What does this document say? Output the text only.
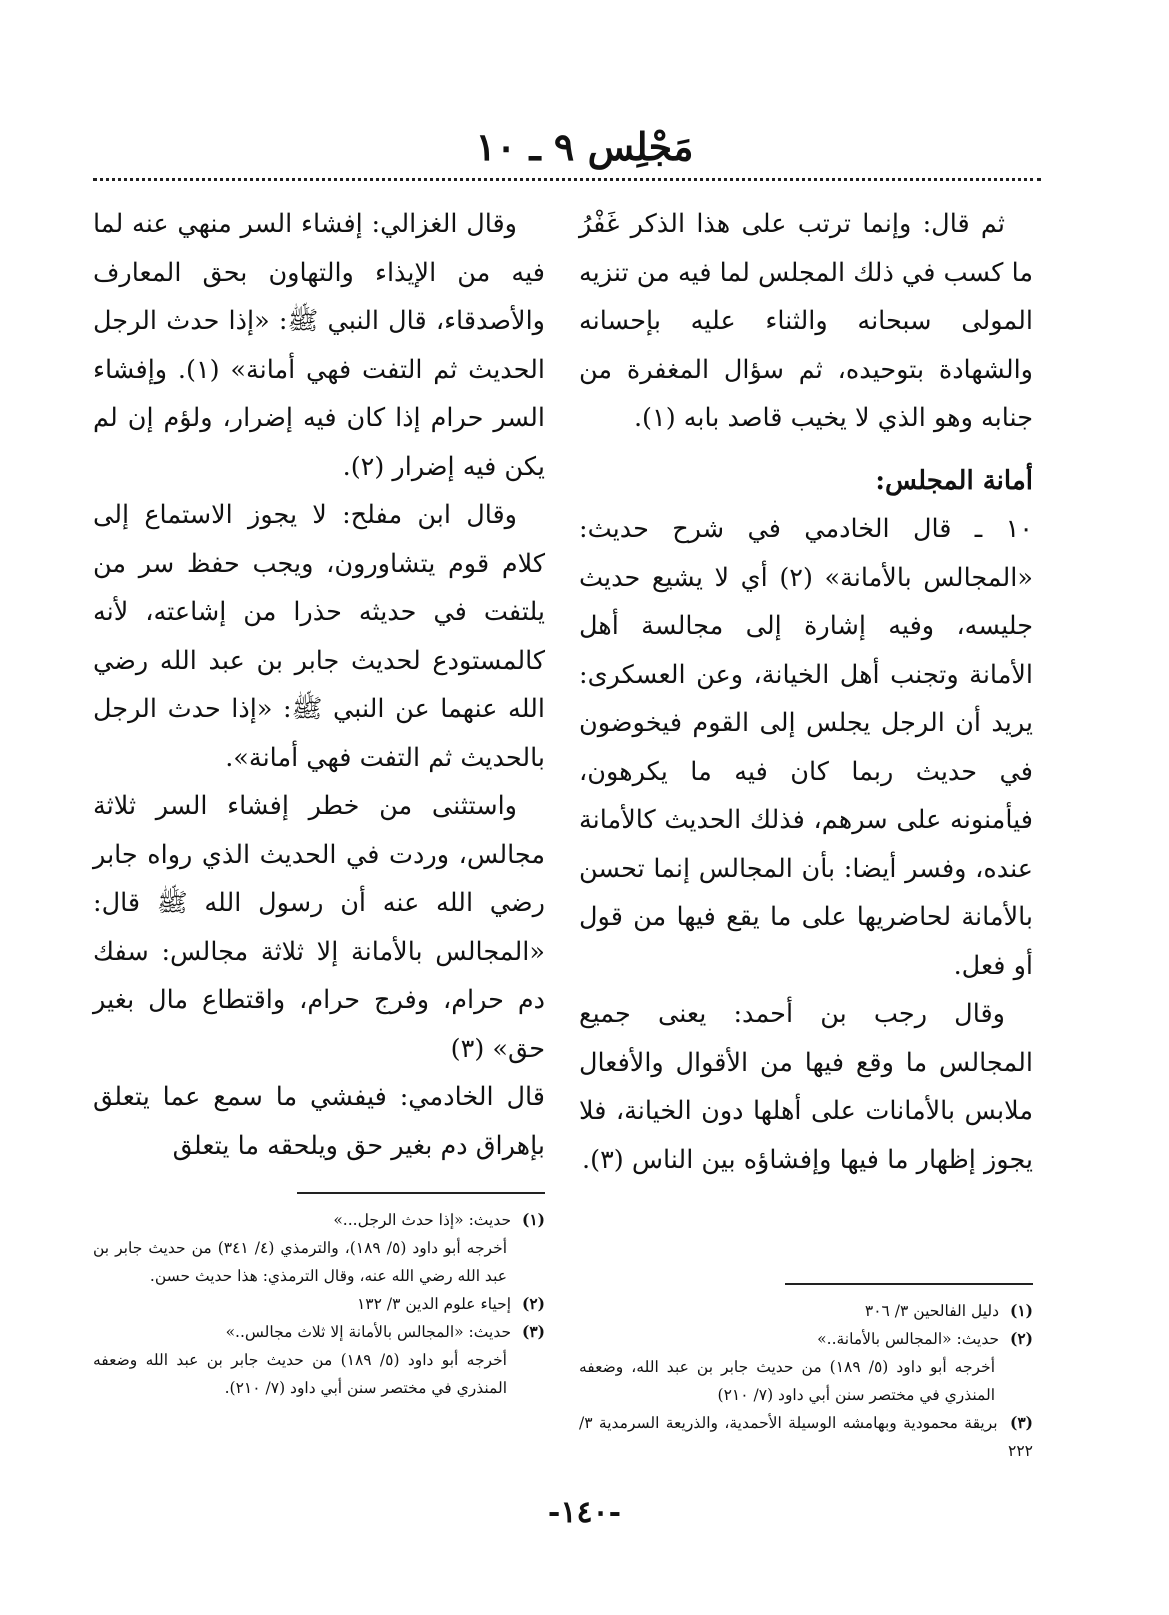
مَجْلِس ٩ ـ ١٠

ثم قال: وإنما ترتب على هذا الذكر غَفْرُ ما كسب في ذلك المجلس لما فيه من تنزيه المولى سبحانه والثناء عليه بإحسانه والشهادة بتوحيده، ثم سؤال المغفرة من جنابه وهو الذي لا يخيب قاصد بابه (١).

أمانة المجلس:

١٠ ـ قال الخادمي في شرح حديث: «المجالس بالأمانة» (٢) أي لا يشيع حديث جليسه، وفيه إشارة إلى مجالسة أهل الأمانة وتجنب أهل الخيانة، وعن العسكرى: يريد أن الرجل يجلس إلى القوم فيخوضون في حديث ربما كان فيه ما يكرهون، فيأمنونه على سرهم، فذلك الحديث كالأمانة عنده، وفسر أيضا: بأن المجالس إنما تحسن بالأمانة لحاضريها على ما يقع فيها من قول أو فعل.

وقال رجب بن أحمد: يعنى جميع المجالس ما وقع فيها من الأقوال والأفعال ملابس بالأمانات على أهلها دون الخيانة، فلا يجوز إظهار ما فيها وإفشاؤه بين الناس (٣).

وقال الغزالي: إفشاء السر منهي عنه لما فيه من الإيذاء والتهاون بحق المعارف والأصدقاء، قال النبي ﷺ: «إذا حدث الرجل الحديث ثم التفت فهي أمانة» (١). وإفشاء السر حرام إذا كان فيه إضرار، ولؤم إن لم يكن فيه إضرار (٢).

وقال ابن مفلح: لا يجوز الاستماع إلى كلام قوم يتشاورون، ويجب حفظ سر من يلتفت في حديثه حذرا من إشاعته، لأنه كالمستودع لحديث جابر بن عبد الله رضي الله عنهما عن النبي ﷺ: «إذا حدث الرجل بالحديث ثم التفت فهي أمانة».

واستثنى من خطر إفشاء السر ثلاثة مجالس، وردت في الحديث الذي رواه جابر رضي الله عنه أن رسول الله ﷺ قال: «المجالس بالأمانة إلا ثلاثة مجالس: سفك دم حرام، وفرج حرام، واقتطاع مال بغير حق» (٣)

قال الخادمي: فيفشي ما سمع عما يتعلق بإهراق دم بغير حق ويلحقه ما يتعلق

(١) دليل الفالحين ٣/ ٣٠٦

(٢) حديث: «المجالس بالأمانة..»

أخرجه أبو داود (٥/ ١٨٩) من حديث جابر بن عبد الله، وضعفه المنذري في مختصر سنن أبي داود (٧/ ٢١٠)

(٣) بريقة محمودية وبهامشه الوسيلة الأحمدية، والذريعة السرمدية ٣/ ٢٢٢

(١) حديث: «إذا حدث الرجل...»

أخرجه أبو داود (٥/ ١٨٩)، والترمذي (٤/ ٣٤١) من حديث جابر بن عبد الله رضي الله عنه، وقال الترمذي: هذا حديث حسن.

(٢) إحياء علوم الدين ٣/ ١٣٢

(٣) حديث: «المجالس بالأمانة إلا ثلاث مجالس..»

أخرجه أبو داود (٥/ ١٨٩) من حديث جابر بن عبد الله وضعفه المنذري في مختصر سنن أبي داود (٧/ ٢١٠).

-١٤٠-
